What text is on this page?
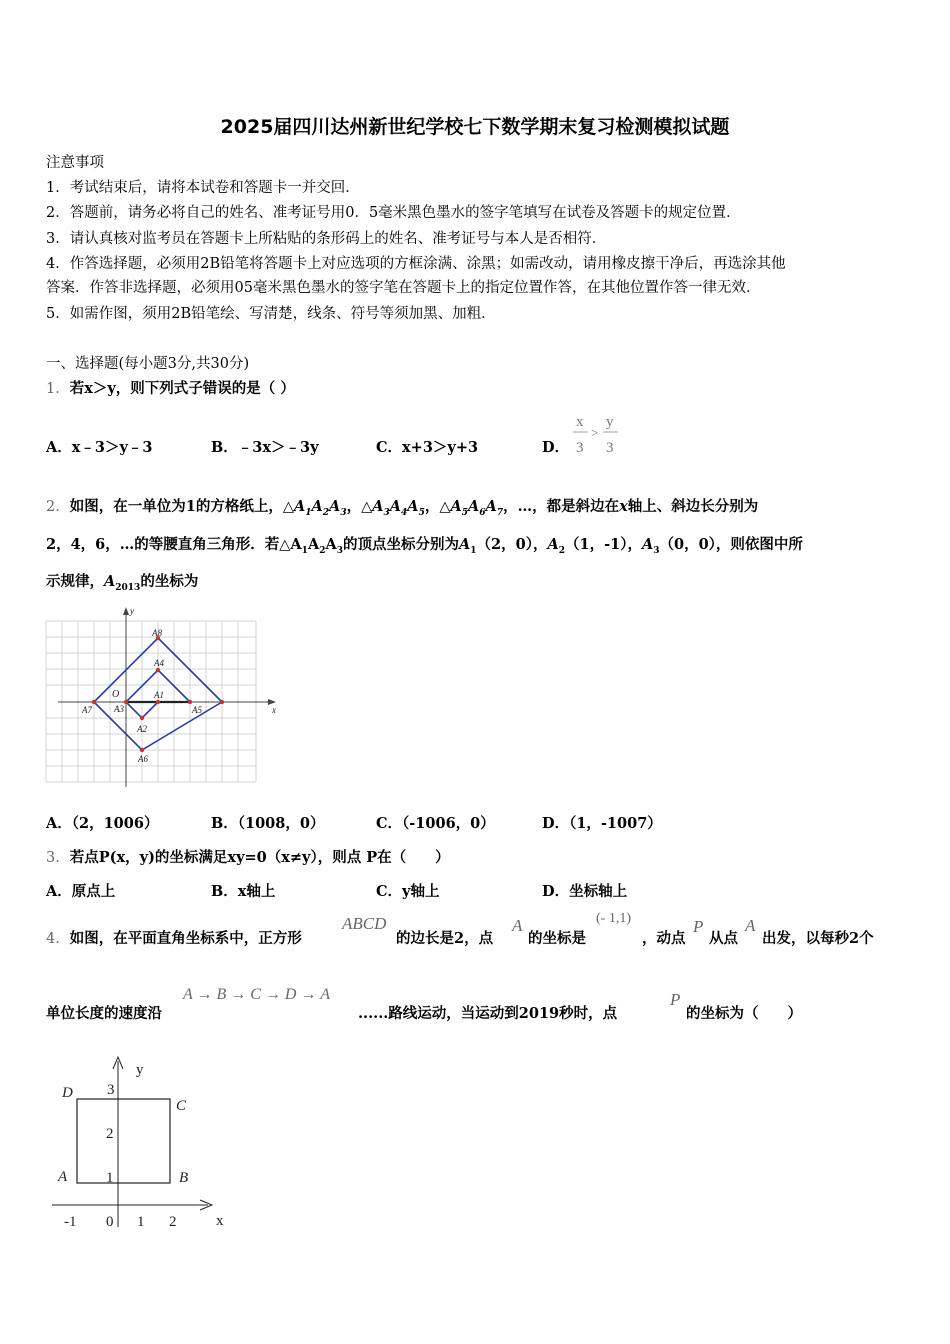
2025届四川达州新世纪学校七下数学期末复习检测模拟试题
注意事项
1．考试结束后，请将本试卷和答题卡一并交回．
2．答题前，请务必将自己的姓名、准考证号用0．5毫米黑色墨水的签字笔填写在试卷及答题卡的规定位置．
3．请认真核对监考员在答题卡上所粘贴的条形码上的姓名、准考证号与本人是否相符．
4．作答选择题，必须用2B铅笔将答题卡上对应选项的方框涂满、涂黑；如需改动，请用橡皮擦干净后，再选涂其他
答案．作答非选择题，必须用05毫米黑色墨水的签字笔在答题卡上的指定位置作答，在其他位置作答一律无效．
5．如需作图，须用2B铅笔绘、写清楚，线条、符号等须加黑、加粗．
一、选择题(每小题3分,共30分)
1．若x＞y，则下列式子错误的是（ ）
A．x﹣3＞y﹣3	B．﹣3x＞﹣3y	C．x+3＞y+3	D．
x
3
>
y
3
2．如图，在一单位为1的方格纸上，$\triangle A_1A_2A_3$，$\triangle A_3A_4A_5$，$\triangle A_5A_6A_7$，…，都是斜边在x轴上、斜边长分别为
2，4，6，…的等腰直角三角形．若$\triangle A_1A_2A_3$的顶点坐标分别为$A_1(2$，0），$A_2(1$，-1），$A_3(0$，0），则依图中所
示规律，$A_{2013}$的坐标为
y
x
O
A8
A4
A1
A3	A5
A7
A2
A6
A．（2，1006）	B．（1008，0）	C．（-1006，0）	D．（1，-1007）
3．若点P(x，y)的坐标满足xy=0（x≠y），则点 P在（　　）
A．原点上	B．x轴上	C．y轴上	D．坐标轴上
4．如图，在平面直角坐标系中，正方形
ABCD
的边长是2，点
A
的坐标是
(- 1,1)
，动点
P
从点
A
出发，以每秒2个
单位长度的速度沿
A → B → C → D → A
......路线运动，当运动到2019秒时，点
P
的坐标为（　　）
y
x
D
C
A	B
3
2
1
-1 0 1 2
